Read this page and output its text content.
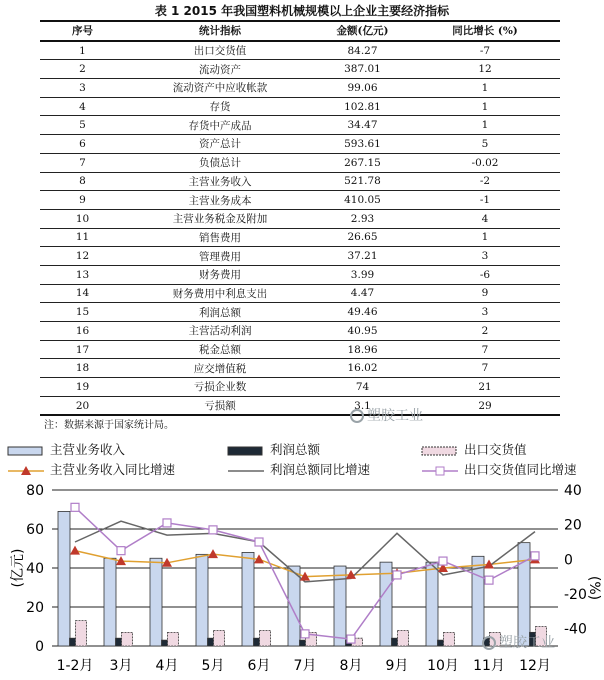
表 1 2015 年我国塑料机械规模以上企业主要经济指标
序号	统计指标	金额(亿元)	同比增长 (%)
1	出口交货值	84.27	-7
2	流动资产	387.01	12
3	流动资产中应收帐款	99.06	1
4	存货	102.81	1
5	存货中产成品	34.47	1
6	资产总计	593.61	5
7	负债总计	267.15	-0.02
8	主营业务收入	521.78	-2
9	主营业务成本	410.05	-1
10	主营业务税金及附加	2.93	4
11	销售费用	26.65	1
12	管理费用	37.21	3
13	财务费用	3.99	-6
14	财务费用中利息支出	4.47	9
15	利润总额	49.46	3
16	主营活动利润	40.95	2
17	税金总额	18.96	7
18	应交增值税	16.02	7
19	亏损企业数	74	21
20	亏损额	3.1	29
注：数据来源于国家统计局。
塑胶工业
主营业务收入	利润总额	出口交货值
主营业务收入同比增速	利润总额同比增速	出口交货值同比增速
0
20
40
60
80
-40
-20
0
20
40
(亿元)
(%)
1-2月 3月 4月 5月 6月 7月 8月 9月 10月 11月 12月
塑胶工业
